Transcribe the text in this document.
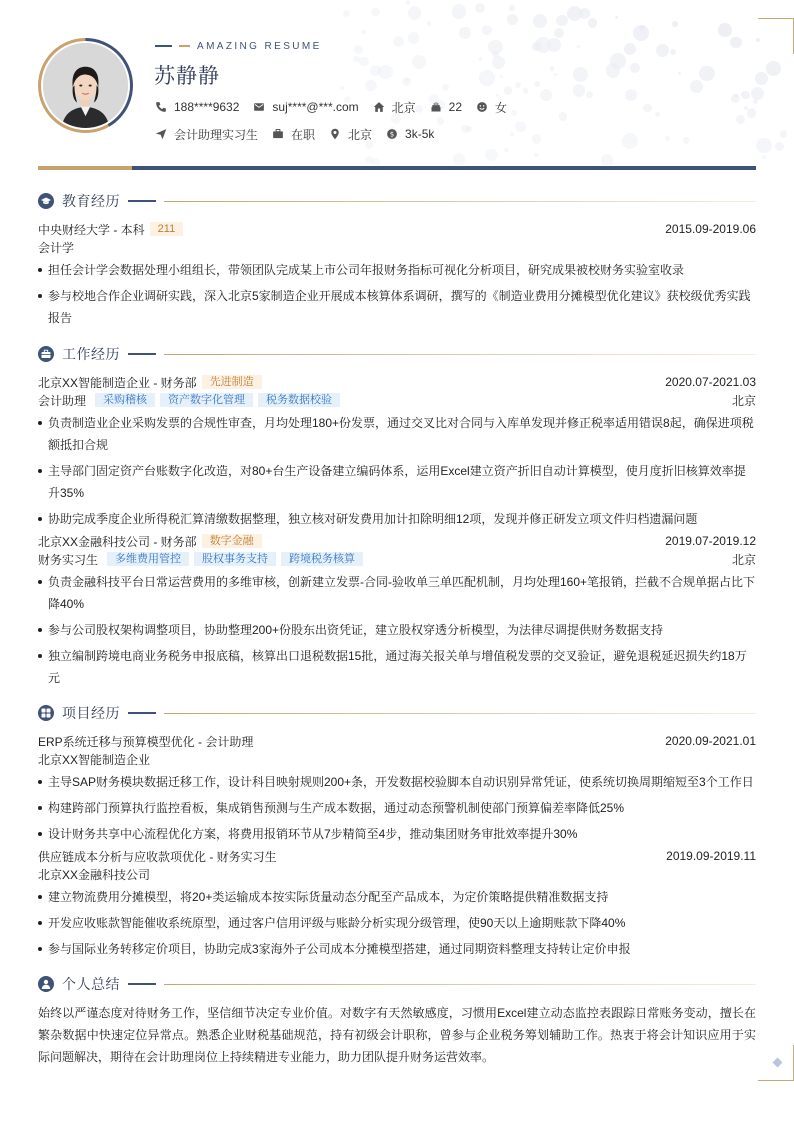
AMAZING RESUME
苏静静
188****9632	suj****@***.com	北京	22	女
会计助理实习生	在职	北京 $ 3k-5k
教育经历
中央财经大学 - 本科	211	2015.09-2019.06
会计学
担任会计学会数据处理小组组长，带领团队完成某上市公司年报财务指标可视化分析项目，研究成果被校财务实验室收录
参与校地合作企业调研实践，深入北京5家制造企业开展成本核算体系调研，撰写的《制造业费用分摊模型优化建议》获校级优秀实践报告
工作经历
北京XX智能制造企业 - 财务部	先进制造	2020.07-2021.03
会计助理	采购稽核	资产数字化管理	税务数据校验	北京
负责制造业企业采购发票的合规性审查，月均处理180+份发票，通过交叉比对合同与入库单发现并修正税率适用错误8起，确保进项税额抵扣合规
主导部门固定资产台账数字化改造，对80+台生产设备建立编码体系，运用Excel建立资产折旧自动计算模型，使月度折旧核算效率提升35%
协助完成季度企业所得税汇算清缴数据整理，独立核对研发费用加计扣除明细12项，发现并修正研发立项文件归档遗漏问题
北京XX金融科技公司 - 财务部	数字金融	2019.07-2019.12
财务实习生	多维费用管控	股权事务支持	跨境税务核算	北京
负责金融科技平台日常运营费用的多维审核，创新建立发票-合同-验收单三单匹配机制，月均处理160+笔报销，拦截不合规单据占比下降40%
参与公司股权架构调整项目，协助整理200+份股东出资凭证，建立股权穿透分析模型，为法律尽调提供财务数据支持
独立编制跨境电商业务税务申报底稿，核算出口退税数据15批，通过海关报关单与增值税发票的交叉验证，避免退税延迟损失约18万元
项目经历
ERP系统迁移与预算模型优化 - 会计助理	2020.09-2021.01
北京XX智能制造企业
主导SAP财务模块数据迁移工作，设计科目映射规则200+条，开发数据校验脚本自动识别异常凭证，使系统切换周期缩短至3个工作日
构建跨部门预算执行监控看板，集成销售预测与生产成本数据，通过动态预警机制使部门预算偏差率降低25%
设计财务共享中心流程优化方案，将费用报销环节从7步精简至4步，推动集团财务审批效率提升30%
供应链成本分析与应收款项优化 - 财务实习生	2019.09-2019.11
北京XX金融科技公司
建立物流费用分摊模型，将20+类运输成本按实际货量动态分配至产品成本，为定价策略提供精准数据支持
开发应收账款智能催收系统原型，通过客户信用评级与账龄分析实现分级管理，使90天以上逾期账款下降40%
参与国际业务转移定价项目，协助完成3家海外子公司成本分摊模型搭建，通过同期资料整理支持转让定价申报
个人总结

始终以严谨态度对待财务工作，坚信细节决定专业价值。对数字有天然敏感度，习惯用Excel建立动态监控表跟踪日常账务变动，擅长在繁杂数据中快速定位异常点。熟悉企业财税基础规范，持有初级会计职称，曾参与企业税务筹划辅助工作。热衷于将会计知识应用于实际问题解决，期待在会计助理岗位上持续精进专业能力，助力团队提升财务运营效率。
